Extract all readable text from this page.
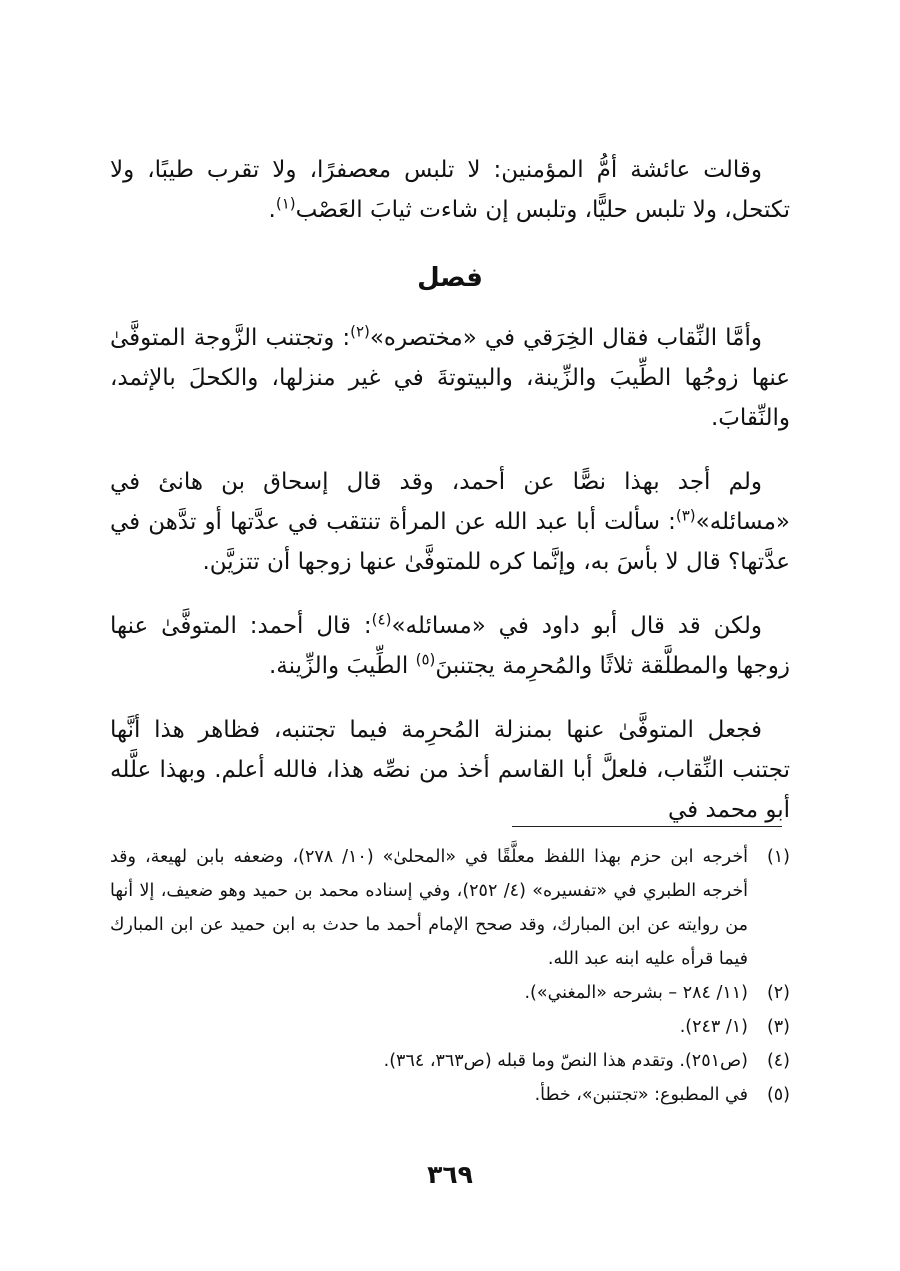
وقالت عائشة أمُّ المؤمنين: لا تلبس معصفرًا، ولا تقرب طيبًا، ولا تكتحل، ولا تلبس حليًّا، وتلبس إن شاءت ثيابَ العَصْب$^{(١)}$.

فصل

وأمَّا النِّقاب فقال الخِرَقي في «مختصره»$^{(٢)}$: وتجتنب الزَّوجة المتوفَّىٰ عنها زوجُها الطِّيبَ والزِّينة، والبيتوتةَ في غير منزلها، والكحلَ بالإثمد، والنِّقابَ.

ولم أجد بهذا نصًّا عن أحمد، وقد قال إسحاق بن هانئ في «مسائله»$^{(٣)}$: سألت أبا عبد الله عن المرأة تنتقب في عدَّتها أو تدَّهن في عدَّتها؟ قال لا بأسَ به، وإنَّما كره للمتوفَّىٰ عنها زوجها أن تتزيَّن.

ولكن قد قال أبو داود في «مسائله»$^{(٤)}$: قال أحمد: المتوفَّىٰ عنها زوجها والمطلَّقة ثلاثًا والمُحرِمة يجتنبنَ$^{(٥)}$ الطِّيبَ والزِّينة.

فجعل المتوفَّىٰ عنها بمنزلة المُحرِمة فيما تجتنبه، فظاهر هذا أنَّها تجتنب النِّقاب، فلعلَّ أبا القاسم أخذ من نصِّه هذا، فالله أعلم. وبهذا علَّله أبو محمد في

(١)
أخرجه ابن حزم بهذا اللفظ معلَّقًا في «المحلىٰ» (١٠/ ٢٧٨)، وضعفه بابن لهيعة، وقد أخرجه الطبري في «تفسيره» (٤/ ٢٥٢)، وفي إسناده محمد بن حميد وهو ضعيف، إلا أنها من روايته عن ابن المبارك، وقد صحح الإمام أحمد ما حدث به ابن حميد عن ابن المبارك فيما قرأه عليه ابنه عبد الله.
(٢)
(١١/ ٢٨٤ – بشرحه «المغني»).
(٣)
(١/ ٢٤٣).
(٤)
(ص٢٥١). وتقدم هذا النصّ وما قبله (ص٣٦٣، ٣٦٤).
(٥)
في المطبوع: «تجتنبن»، خطأ.
٣٦٩
